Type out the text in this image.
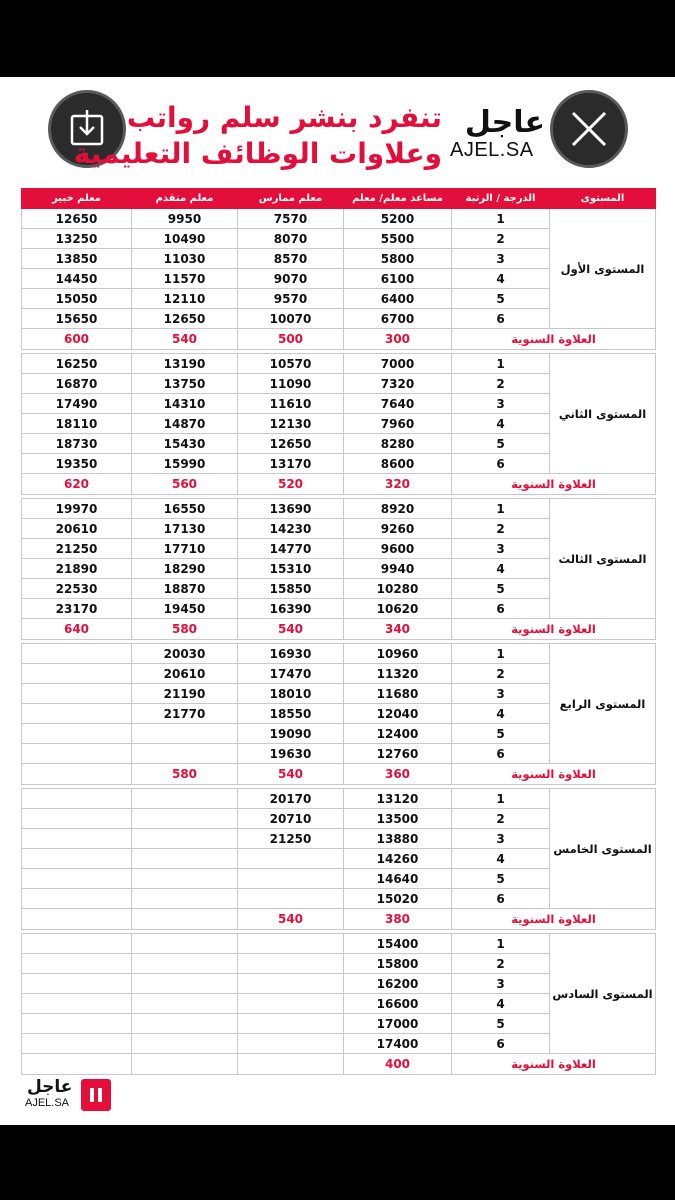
تنفرد بنشر سلم رواتب
وعلاوات الوظائف التعليمية
عاجل
AJEL.SA
المستوى	الدرجة / الرتبة	مساعد معلم/ معلم	معلم ممارس	معلم متقدم	معلم خبير
المستوى الأول	1	5200	7570	9950	12650
	2	5500	8070	10490	13250
	3	5800	8570	11030	13850
	4	6100	9070	11570	14450
	5	6400	9570	12110	15050
	6	6700	10070	12650	15650
العلاوة السنوية		300	500	540	600

المستوى الثاني	1	7000	10570	13190	16250
	2	7320	11090	13750	16870
	3	7640	11610	14310	17490
	4	7960	12130	14870	18110
	5	8280	12650	15430	18730
	6	8600	13170	15990	19350
العلاوة السنوية		320	520	560	620

المستوى الثالث	1	8920	13690	16550	19970
	2	9260	14230	17130	20610
	3	9600	14770	17710	21250
	4	9940	15310	18290	21890
	5	10280	15850	18870	22530
	6	10620	16390	19450	23170
العلاوة السنوية		340	540	580	640

المستوى الرابع	1	10960	16930	20030	
	2	11320	17470	20610	
	3	11680	18010	21190	
	4	12040	18550	21770	
	5	12400	19090		
	6	12760	19630		
العلاوة السنوية		360	540	580	

المستوى الخامس	1	13120	20170		
	2	13500	20710		
	3	13880	21250		
	4	14260			
	5	14640			
	6	15020			
العلاوة السنوية		380	540		

المستوى السادس	1	15400			
	2	15800			
	3	16200			
	4	16600			
	5	17000			
	6	17400			
العلاوة السنوية		400			
عاجل
AJEL.SA
